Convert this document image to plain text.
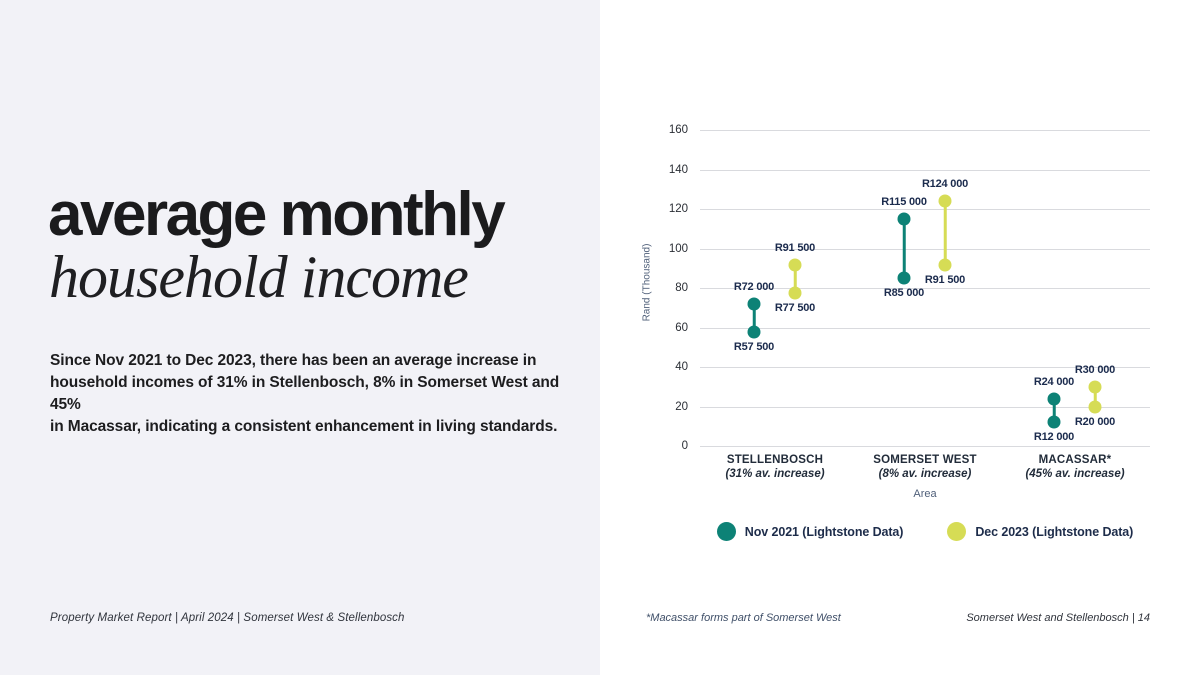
average monthly
household income
Since Nov 2021 to Dec 2023, there has been an average increase in
household incomes of 31% in Stellenbosch, 8% in Somerset West and 45%
in Macassar, indicating a consistent enhancement in living standards.
Property Market Report | April 2024 | Somerset West & Stellenbosch
Rand (Thousand)
Area
0
20
40
60
80
100
120
140
160
STELLENBOSCH
(31% av. increase)
SOMERSET WEST
(8% av. increase)
MACASSAR*
(45% av. increase)
R72 000
R57 500
R115 000
R85 000
R24 000
R12 000
R91 500
R77 500
R124 000
R91 500
R30 000
R20 000
Nov 2021 (Lightstone Data)	Dec 2023 (Lightstone Data)
*Macassar forms part of Somerset West	Somerset West and Stellenbosch | 14
